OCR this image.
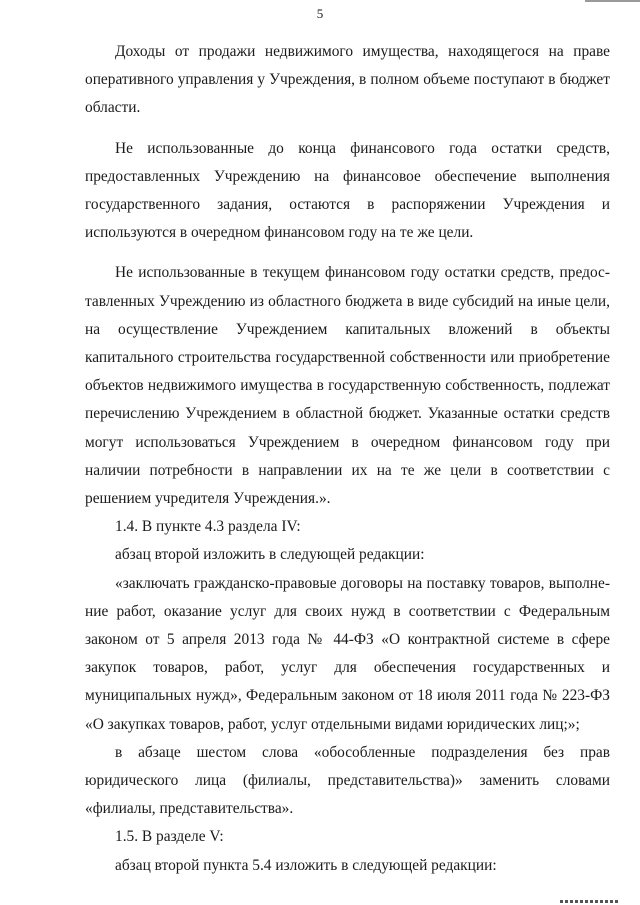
5

Доходы от продажи недвижимого имущества, находящегося на праве оперативного управления у Учреждения, в полном объеме поступают в бюджет области.

Не использованные до конца финансового года остатки средств, предоставленных Учреждению на финансовое обеспечение выполнения государственного задания, остаются в распоряжении Учреждения и используются в очередном финансовом году на те же цели.

Не использованные в текущем финансовом году остатки средств, предоставленных Учреждению из областного бюджета в виде субсидий на иные цели, на осуществление Учреждением капитальных вложений в объекты капитального строительства государственной собственности или приобретение объектов недвижимого имущества в государственную собственность, подлежат перечислению Учреждением в областной бюджет. Указанные остатки средств могут использоваться Учреждением в очередном финансовом году при наличии потребности в направлении их на те же цели в соответствии с решением учредителя Учреждения.».

1.4. В пункте 4.3 раздела IV:

абзац второй изложить в следующей редакции:

«заключать гражданско-правовые договоры на поставку товаров, выполнение работ, оказание услуг для своих нужд в соответствии с Федеральным законом от 5 апреля 2013 года № 44-ФЗ «О контрактной системе в сфере закупок товаров, работ, услуг для обеспечения государственных и муниципальных нужд», Федеральным законом от 18 июля 2011 года № 223-ФЗ «О закупках товаров, работ, услуг отдельными видами юридических лиц;»;

в абзаце шестом слова «обособленные подразделения без прав юридического лица (филиалы, представительства)» заменить словами «филиалы, представительства».

1.5. В разделе V:

абзац второй пункта 5.4 изложить в следующей редакции:
